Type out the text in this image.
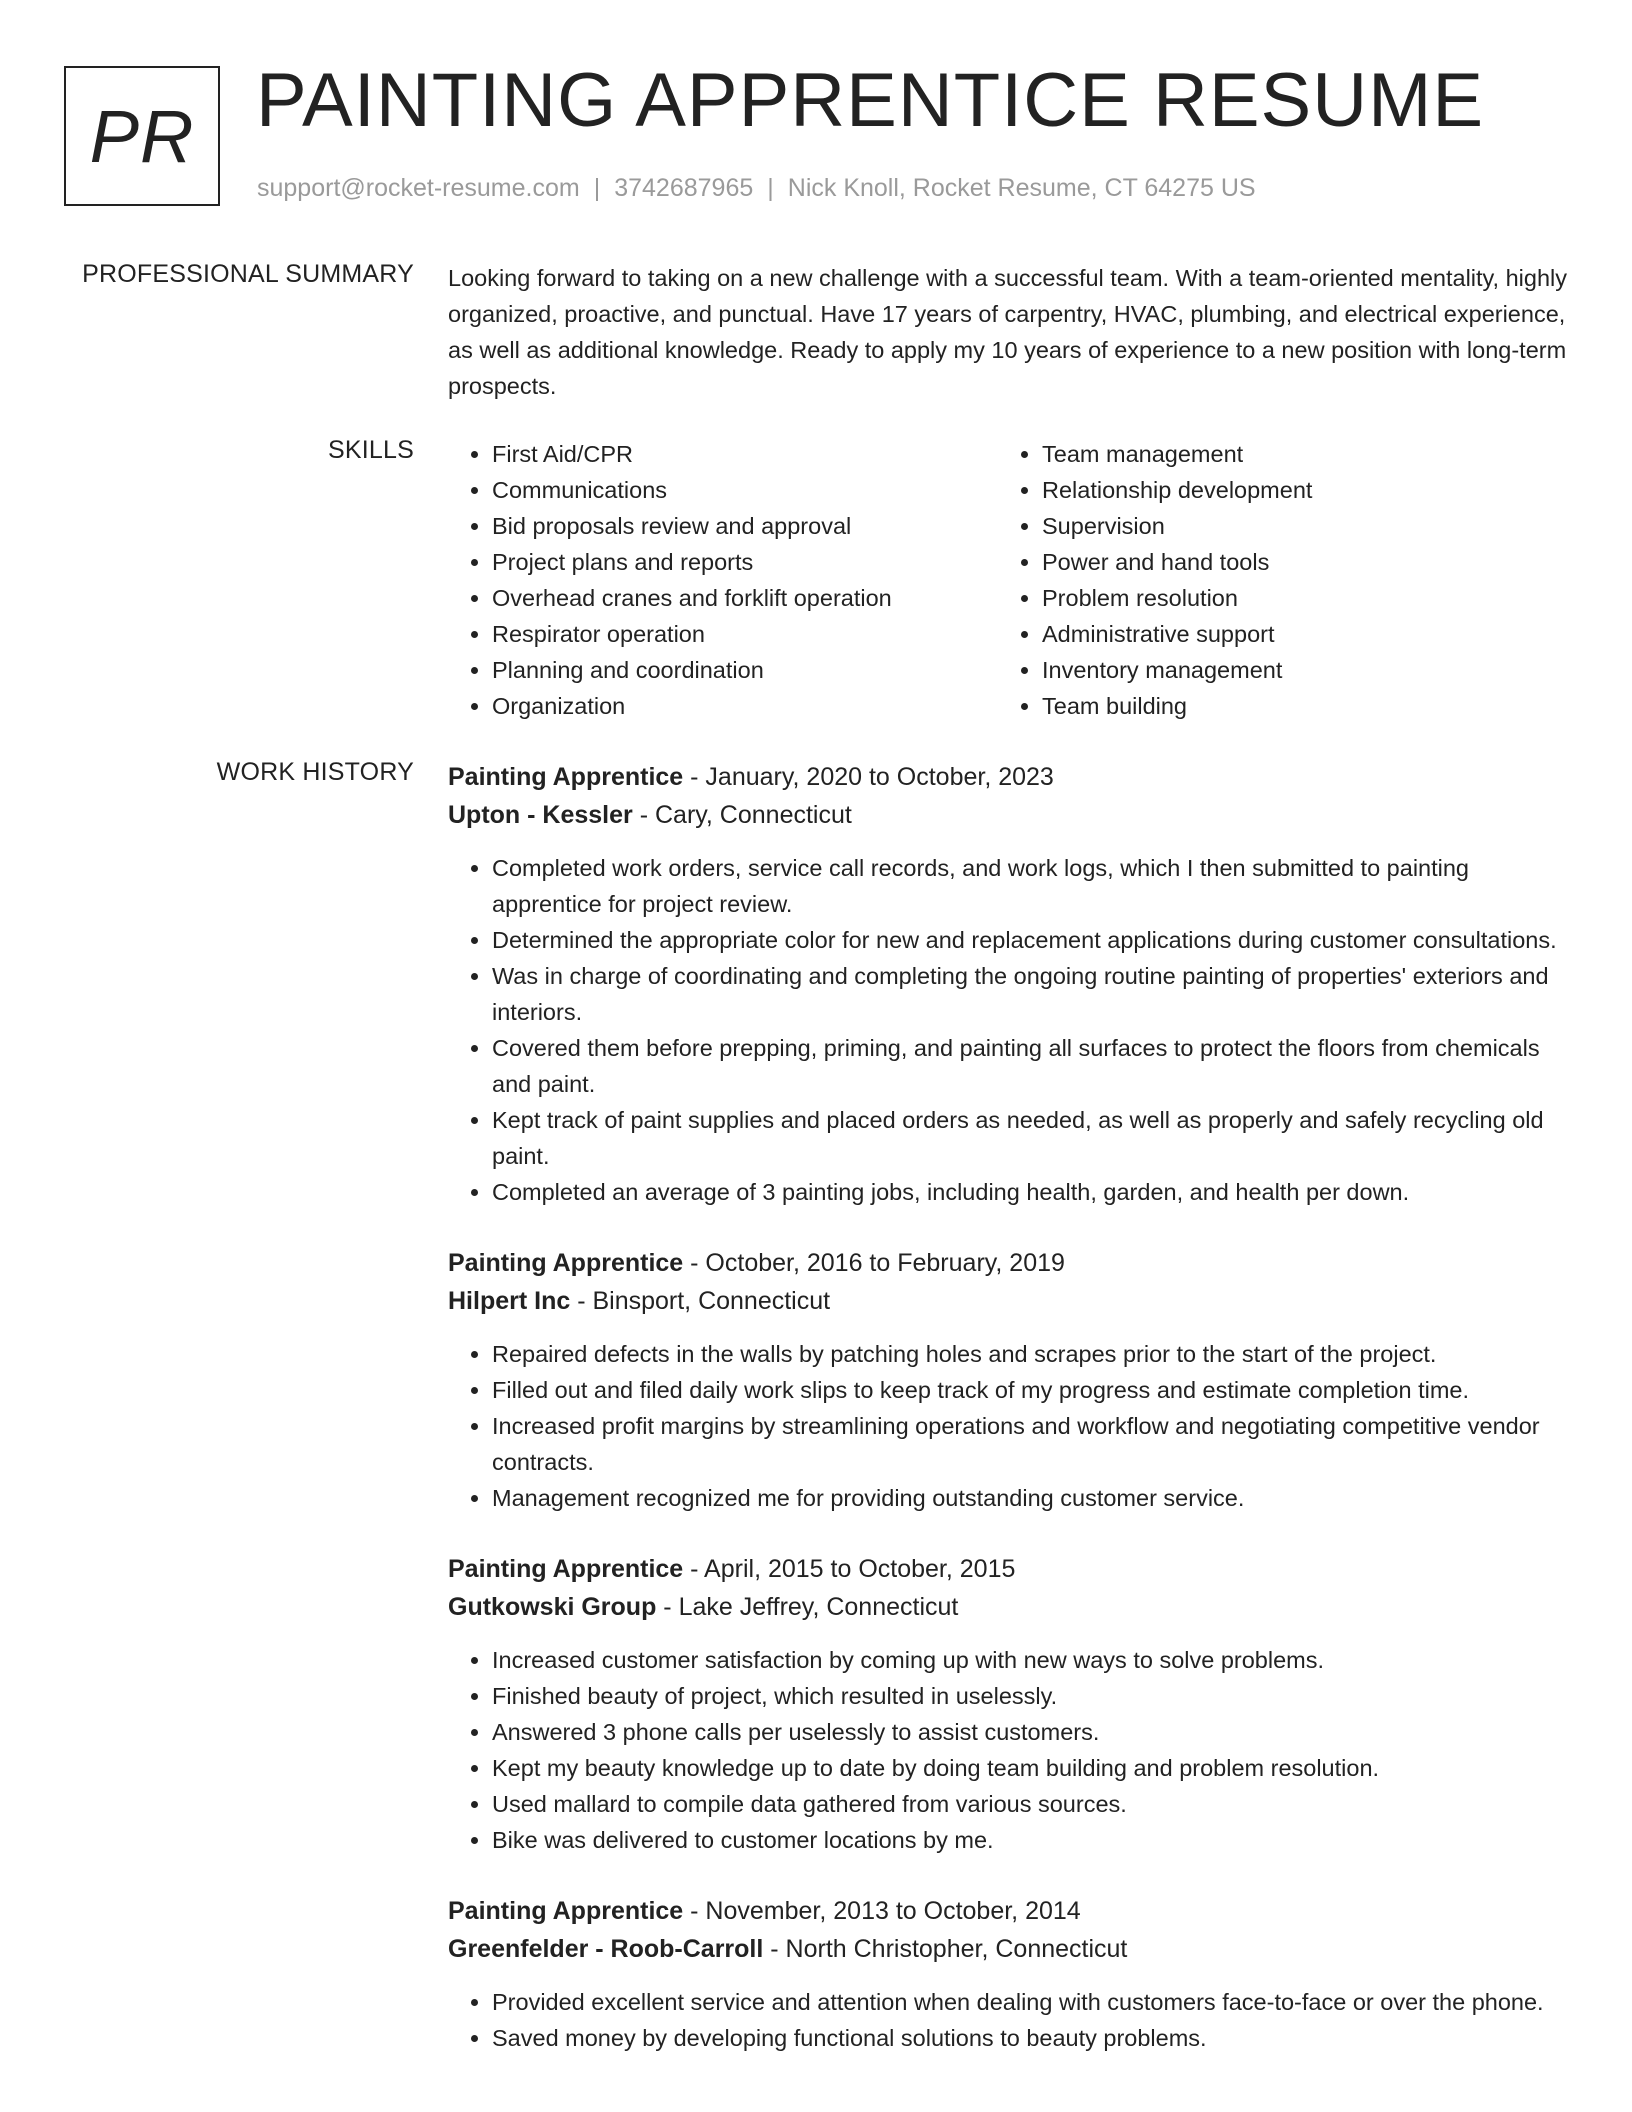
PR PAINTING APPRENTICE RESUME
support@rocket-resume.com | 3742687965 | Nick Knoll, Rocket Resume, CT 64275 US
PROFESSIONAL SUMMARY Looking forward to taking on a new challenge with a successful team. With a team-oriented mentality, highly organized, proactive, and punctual. Have 17 years of carpentry, HVAC, plumbing, and electrical experience, as well as additional knowledge. Ready to apply my 10 years of experience to a new position with long-term prospects.

SKILLS
•	First Aid/CPR
• Communications
• Bid proposals review and approval
• Project plans and reports
• Overhead cranes and forklift operation
• Respirator operation
• Planning and coordination
• Organization
• Team management
• Relationship development
• Supervision
• Power and hand tools
• Problem resolution
• Administrative support
• Inventory management
• Team building
WORK HISTORY Painting Apprentice - January, 2020 to October, 2023
Upton - Kessler - Cary, Connecticut
• Completed work orders, service call records, and work logs, which I then submitted to painting apprentice for project review.
• Determined the appropriate color for new and replacement applications during customer consultations.
• Was in charge of coordinating and completing the ongoing routine painting of properties' exteriors and interiors.
• Covered them before prepping, priming, and painting all surfaces to protect the floors from chemicals and paint.
• Kept track of paint supplies and placed orders as needed, as well as properly and safely recycling old paint.
• Completed an average of 3 painting jobs, including health, garden, and health per down.
Painting Apprentice - October, 2016 to February, 2019
Hilpert Inc - Binsport, Connecticut
• Repaired defects in the walls by patching holes and scrapes prior to the start of the project.
• Filled out and filed daily work slips to keep track of my progress and estimate completion time.
• Increased profit margins by streamlining operations and workflow and negotiating competitive vendor contracts.
• Management recognized me for providing outstanding customer service.
Painting Apprentice - April, 2015 to October, 2015
Gutkowski Group - Lake Jeffrey, Connecticut
• Increased customer satisfaction by coming up with new ways to solve problems.
• Finished beauty of project, which resulted in uselessly.
• Answered 3 phone calls per uselessly to assist customers.
• Kept my beauty knowledge up to date by doing team building and problem resolution.
• Used mallard to compile data gathered from various sources.
• Bike was delivered to customer locations by me.
Painting Apprentice - November, 2013 to October, 2014
Greenfelder - Roob-Carroll - North Christopher, Connecticut
• Provided excellent service and attention when dealing with customers face-to-face or over the phone.
• Saved money by developing functional solutions to beauty problems.
